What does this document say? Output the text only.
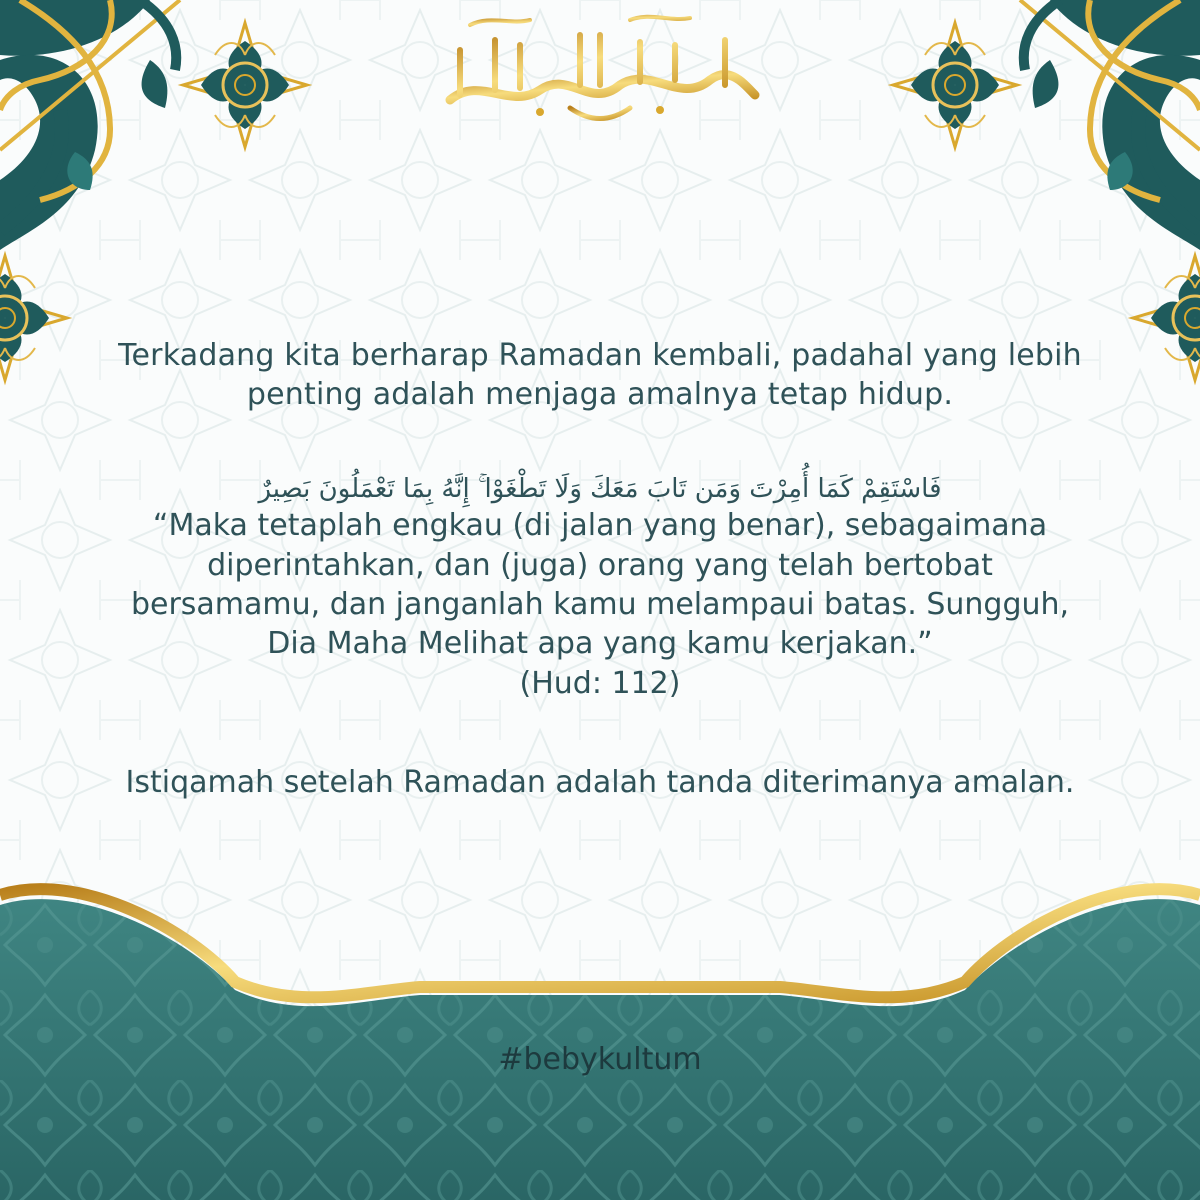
Terkadang kita berharap Ramadan kembali, padahal yang lebih
penting adalah menjaga amalnya tetap hidup.

فَاسْتَقِمْ كَمَا أُمِرْتَ وَمَن تَابَ مَعَكَ وَلَا تَطْغَوْا ۚ إِنَّهُ بِمَا تَعْمَلُونَ بَصِيرٌ

“Maka tetaplah engkau (di jalan yang benar), sebagaimana
diperintahkan, dan (juga) orang yang telah bertobat
bersamamu, dan janganlah kamu melampaui batas. Sungguh,
Dia Maha Melihat apa yang kamu kerjakan.”

(Hud: 112)

Istiqamah setelah Ramadan adalah tanda diterimanya amalan.

#bebykultum
